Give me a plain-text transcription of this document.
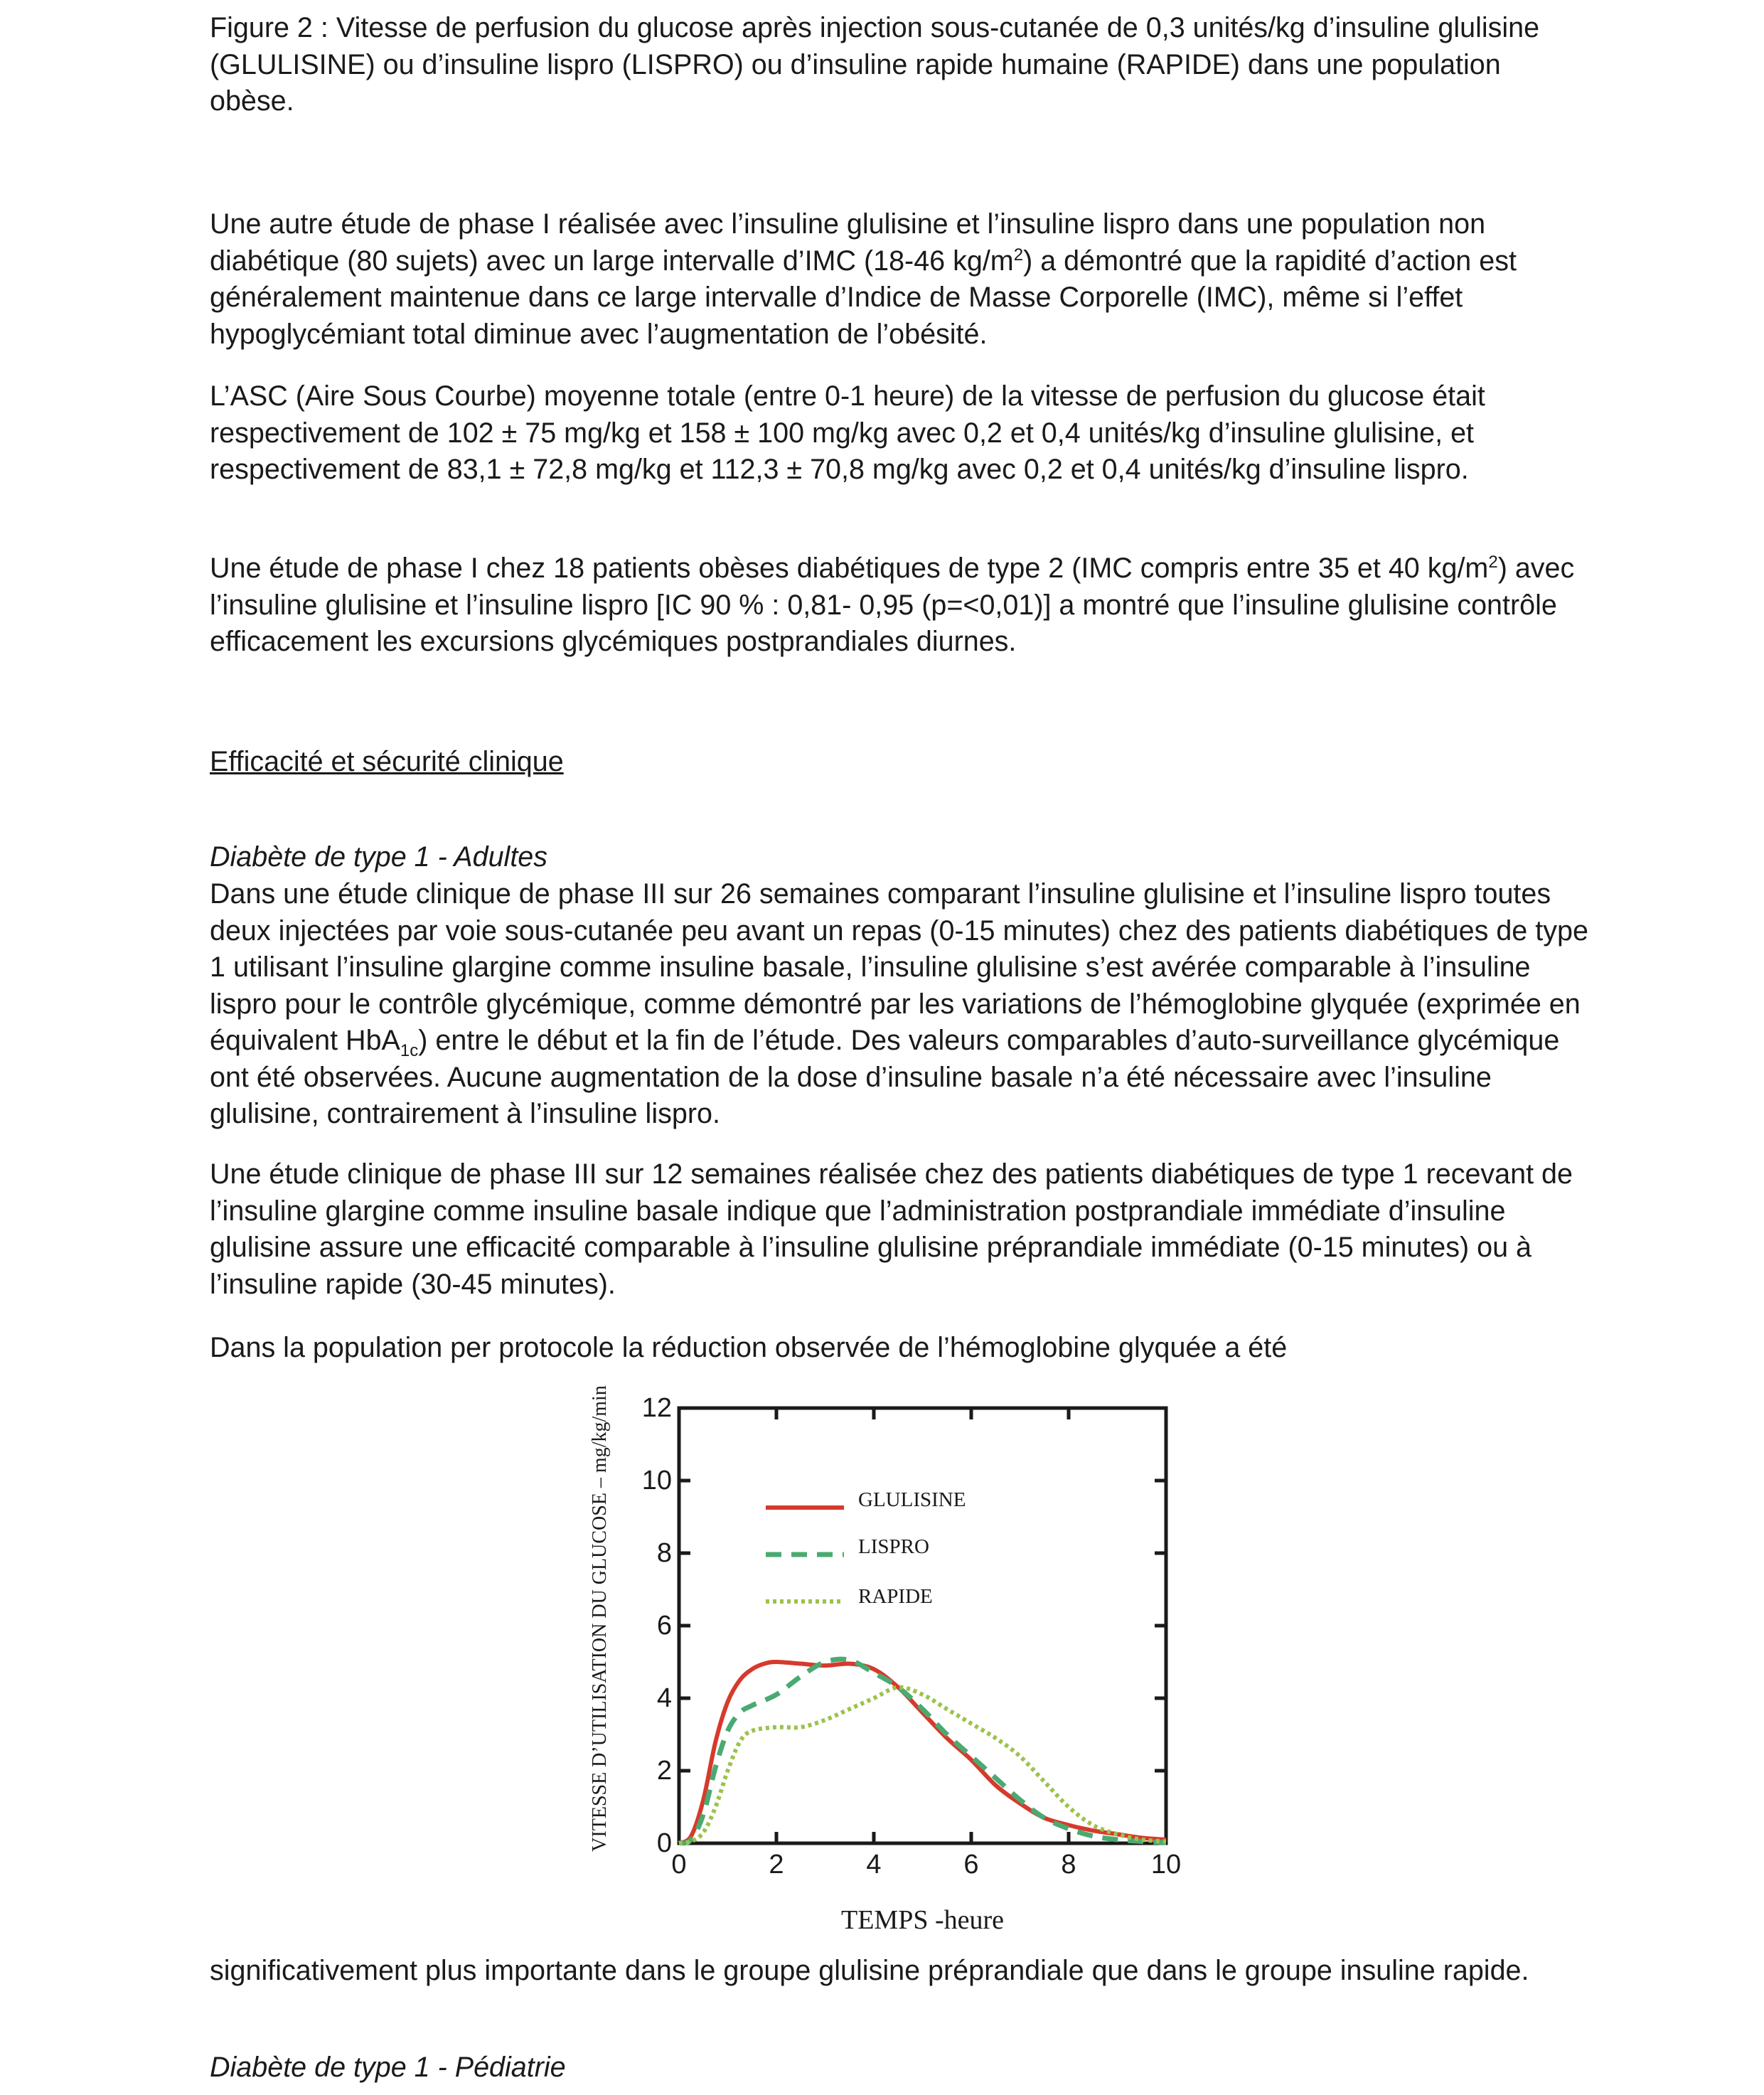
Figure 2 : Vitesse de perfusion du glucose après injection sous-cutanée de 0,3 unités/kg d’insuline glulisine (GLULISINE) ou d’insuline lispro (LISPRO) ou d’insuline rapide humaine (RAPIDE) dans une population obèse.

Une autre étude de phase I réalisée avec l’insuline glulisine et l’insuline lispro dans une population non diabétique (80 sujets) avec un large intervalle d’IMC (18-46 $kg/m^2$) a démontré que la rapidité d’action est généralement maintenue dans ce large intervalle d’Indice de Masse Corporelle (IMC), même si l’effet hypoglycémiant total diminue avec l’augmentation de l’obésité.

L’ASC (Aire Sous Courbe) moyenne totale (entre 0-1 heure) de la vitesse de perfusion du glucose était respectivement de 102 ± 75 mg/kg et 158 ± 100 mg/kg avec 0,2 et 0,4 unités/kg d’insuline glulisine, et respectivement de 83,1 ± 72,8 mg/kg et 112,3 ± 70,8 mg/kg avec 0,2 et 0,4 unités/kg d’insuline lispro.

Une étude de phase I chez 18 patients obèses diabétiques de type 2 (IMC compris entre 35 et 40 $kg/m^2$) avec l’insuline glulisine et l’insuline lispro [IC 90 % : 0,81- 0,95 (p=<0,01)] a montré que l’insuline glulisine contrôle efficacement les excursions glycémiques postprandiales diurnes.

Efficacité et sécurité clinique

Diabète de type 1 - Adultes

Dans une étude clinique de phase III sur 26 semaines comparant l’insuline glulisine et l’insuline lispro toutes deux injectées par voie sous-cutanée peu avant un repas (0-15 minutes) chez des patients diabétiques de type 1 utilisant l’insuline glargine comme insuline basale, l’insuline glulisine s’est avérée comparable à l’insuline lispro pour le contrôle glycémique, comme démontré par les variations de l’hémoglobine glyquée (exprimée en équivalent HbA$_{1c}$) entre le début et la fin de l’étude. Des valeurs comparables d’auto-surveillance glycémique ont été observées. Aucune augmentation de la dose d’insuline basale n’a été nécessaire avec l’insuline glulisine, contrairement à l’insuline lispro.

Une étude clinique de phase III sur 12 semaines réalisée chez des patients diabétiques de type 1 recevant de l’insuline glargine comme insuline basale indique que l’administration postprandiale immédiate d’insuline glulisine assure une efficacité comparable à l’insuline glulisine préprandiale immédiate (0-15 minutes) ou à l’insuline rapide (30-45 minutes).

Dans la population per protocole la réduction observée de l’hémoglobine glyquée a été

significativement plus importante dans le groupe glulisine préprandiale que dans le groupe insuline rapide.

Diabète de type 1 - Pédiatrie

0
2
4
6
8
10
12
0	2	4	6	8	10
TEMPS -heure
VITESSE D’UTILISATION DU GLUCOSE – mg/kg/min	GLULISINE
LISPRO
RAPIDE
